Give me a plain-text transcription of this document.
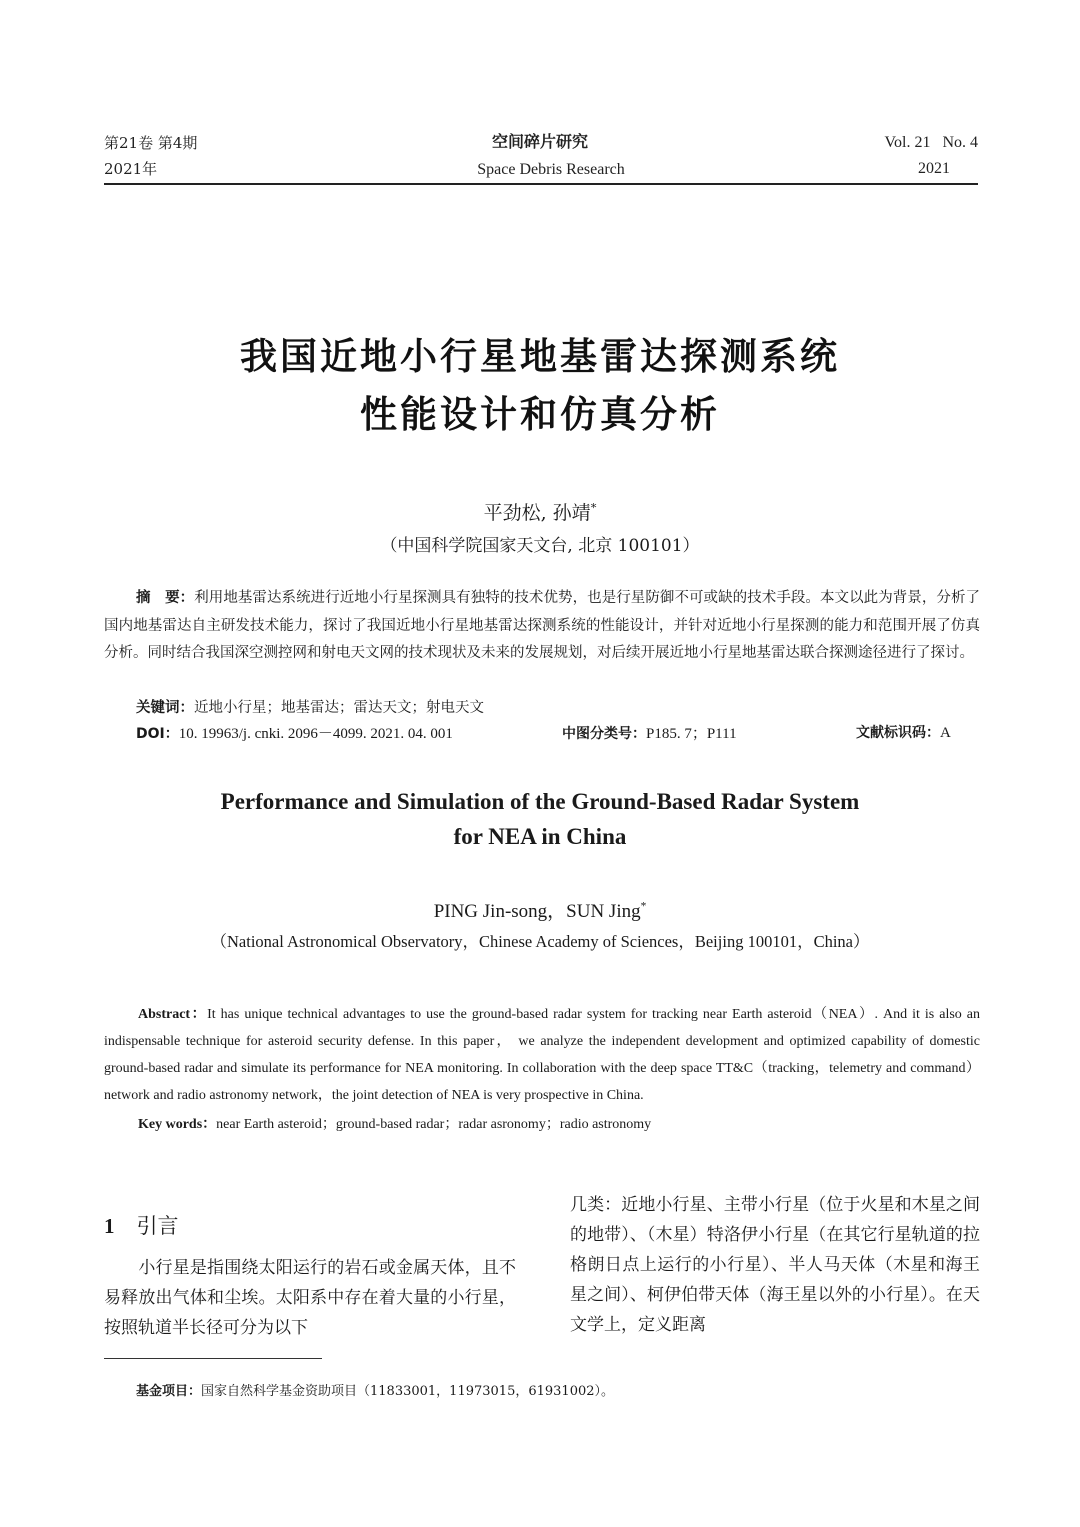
第21卷 第4期
2021年
空间碎片研究
Space Debris Research
Vol. 21   No. 4
2021
我国近地小行星地基雷达探测系统
性能设计和仿真分析
平劲松, 孙靖*
（中国科学院国家天文台, 北京 100101）
摘　要：利用地基雷达系统进行近地小行星探测具有独特的技术优势，也是行星防御不可或缺的技术手段。本文以此为背景，分析了国内地基雷达自主研发技术能力，探讨了我国近地小行星地基雷达探测系统的性能设计，并针对近地小行星探测的能力和范围开展了仿真分析。同时结合我国深空测控网和射电天文网的技术现状及未来的发展规划，对后续开展近地小行星地基雷达联合探测途径进行了探讨。
关键词：近地小行星；地基雷达；雷达天文；射电天文
DOI：10. 19963/j. cnki. 2096－4099. 2021. 04. 001	中图分类号：P185. 7；P111	文献标识码：A
Performance and Simulation of the Ground-Based Radar System
for NEA in China
PING Jin-song，SUN Jing*
（National Astronomical Observatory，Chinese Academy of Sciences，Beijing 100101，China）
Abstract：It has unique technical advantages to use the ground-based radar system for tracking near Earth asteroid（NEA）. And it is also an indispensable technique for asteroid security defense. In this paper， we analyze the independent development and optimized capability of domestic ground-based radar and simulate its performance for NEA monitoring. In collaboration with the deep space TT&C（tracking，telemetry and command） network and radio astronomy network，the joint detection of NEA is very prospective in China.
Key words：near Earth asteroid；ground-based radar；radar asronomy；radio astronomy
1 引言
　　小行星是指围绕太阳运行的岩石或金属天体，且不易释放出气体和尘埃。太阳系中存在着大量的小行星，按照轨道半长径可分为以下
几类：近地小行星、主带小行星（位于火星和木星之间的地带）、（木星）特洛伊小行星（在其它行星轨道的拉格朗日点上运行的小行星）、半人马天体（木星和海王星之间）、柯伊伯带天体（海王星以外的小行星）。在天文学上，定义距离
基金项目：国家自然科学基金资助项目（11833001，11973015，61931002）。
